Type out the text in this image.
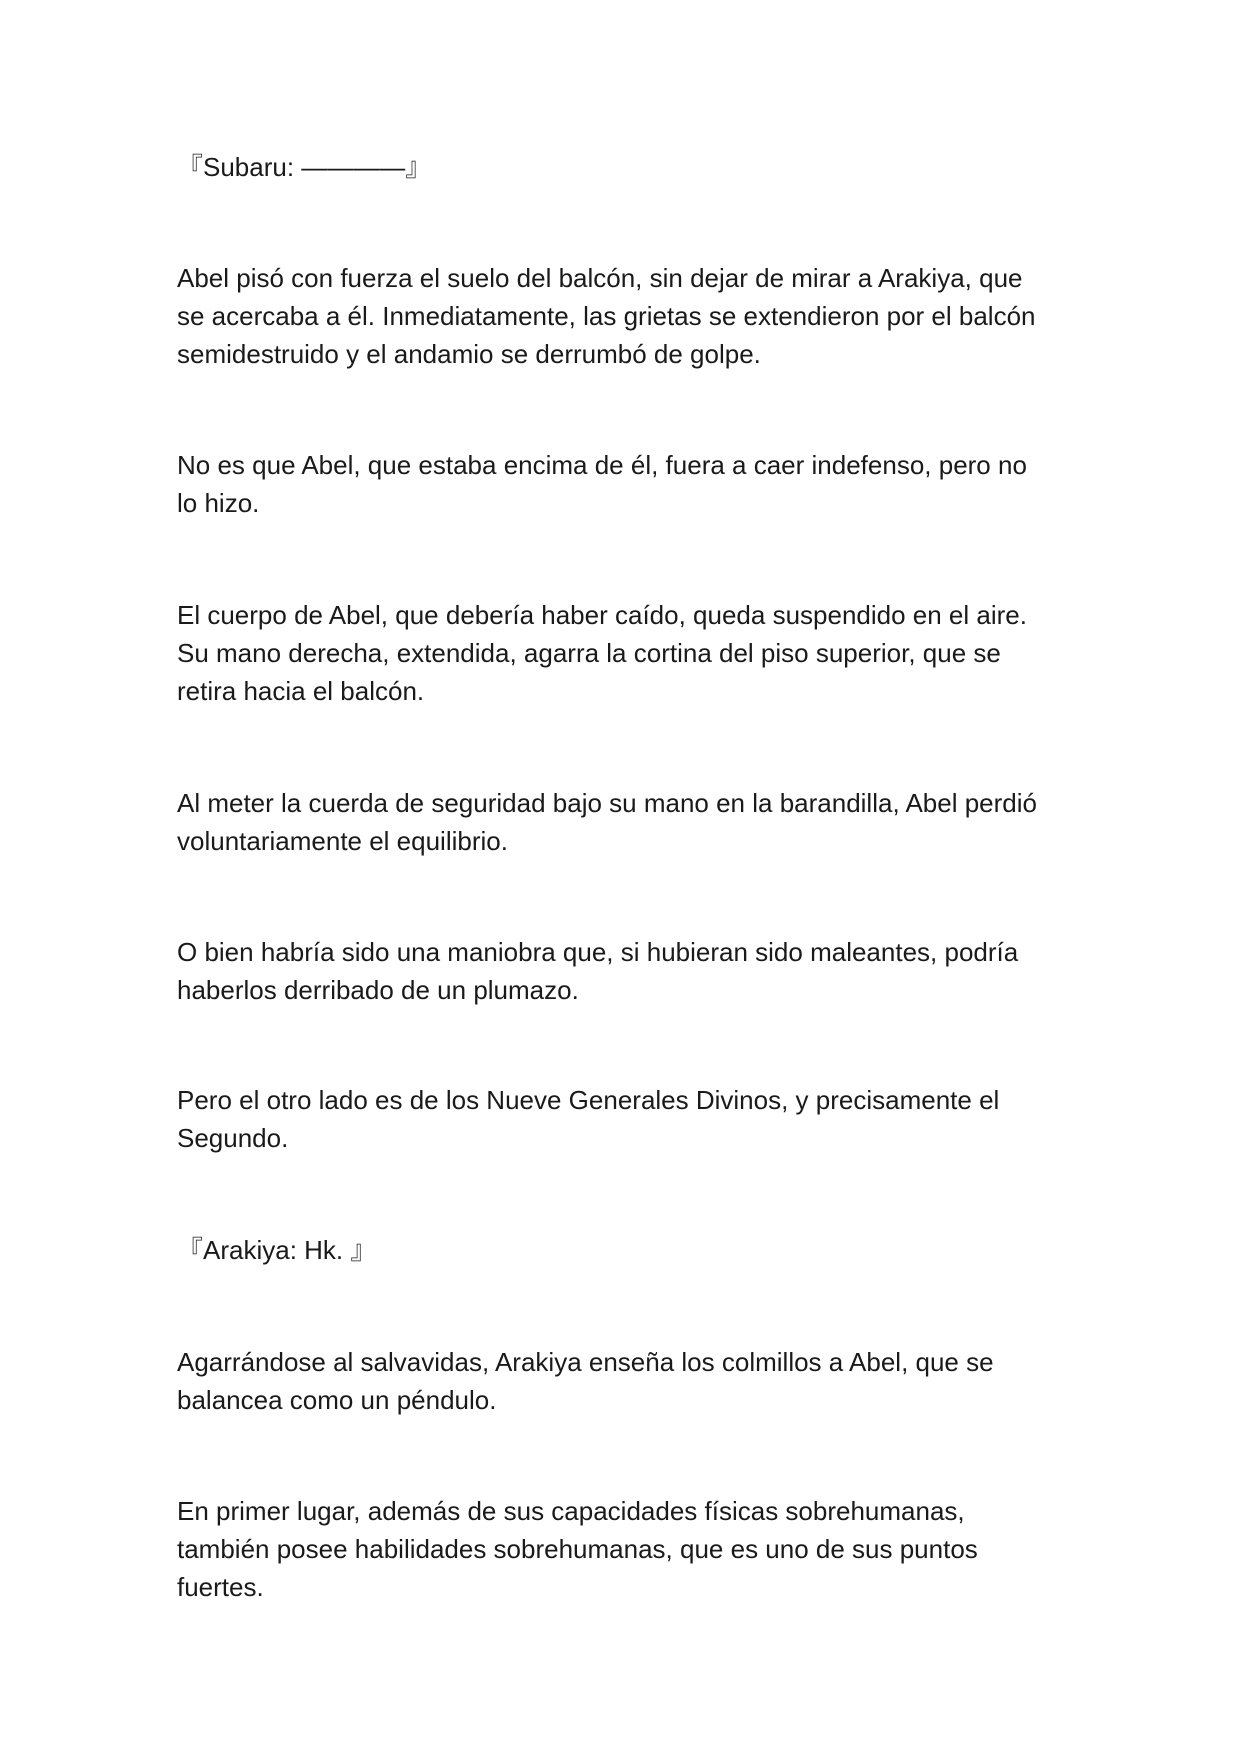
『Subaru: ————』

Abel pisó con fuerza el suelo del balcón, sin dejar de mirar a Arakiya, que
se acercaba a él. Inmediatamente, las grietas se extendieron por el balcón
semidestruido y el andamio se derrumbó de golpe.

No es que Abel, que estaba encima de él, fuera a caer indefenso, pero no
lo hizo.

El cuerpo de Abel, que debería haber caído, queda suspendido en el aire.
Su mano derecha, extendida, agarra la cortina del piso superior, que se
retira hacia el balcón.

Al meter la cuerda de seguridad bajo su mano en la barandilla, Abel perdió
voluntariamente el equilibrio.

O bien habría sido una maniobra que, si hubieran sido maleantes, podría
haberlos derribado de un plumazo.

Pero el otro lado es de los Nueve Generales Divinos, y precisamente el
Segundo.

『Arakiya: Hk. 』

Agarrándose al salvavidas, Arakiya enseña los colmillos a Abel, que se
balancea como un péndulo.

En primer lugar, además de sus capacidades físicas sobrehumanas,
también posee habilidades sobrehumanas, que es uno de sus puntos
fuertes.
